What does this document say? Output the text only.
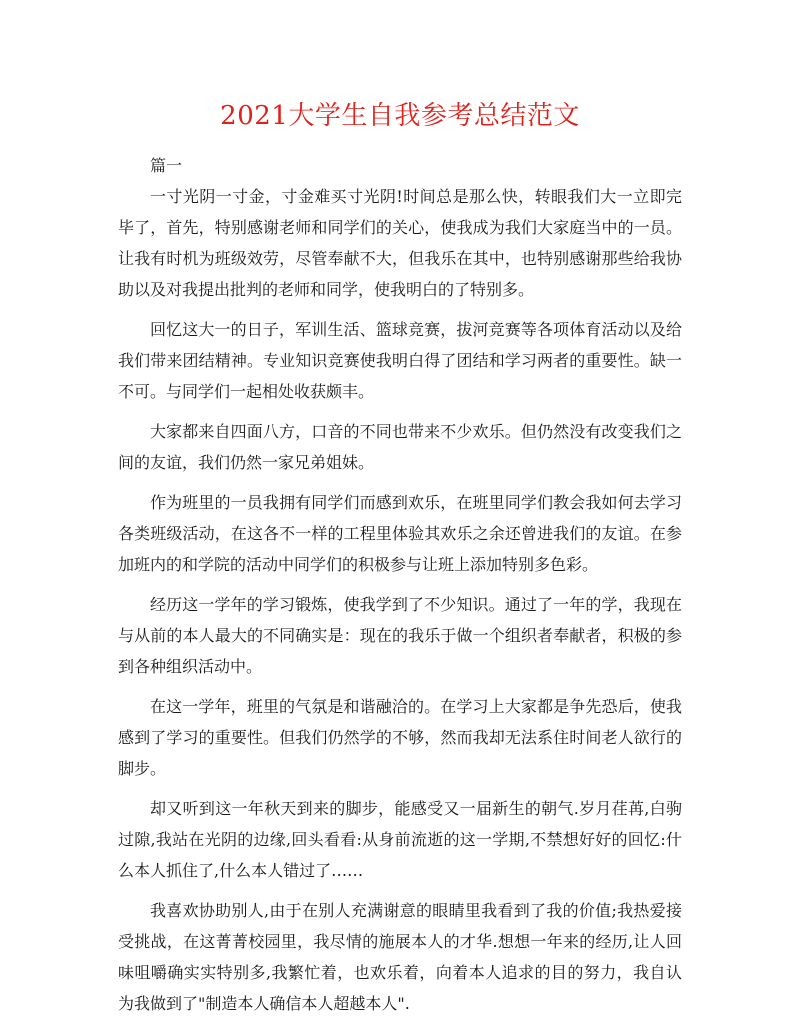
2021大学生自我参考总结范文

篇一

一寸光阴一寸金，寸金难买寸光阴!时间总是那么快，转眼我们大一立即完毕了，首先，特别感谢老师和同学们的关心，使我成为我们大家庭当中的一员。让我有时机为班级效劳，尽管奉献不大，但我乐在其中，也特别感谢那些给我协助以及对我提出批判的老师和同学，使我明白的了特别多。

回忆这大一的日子，军训生活、篮球竞赛，拔河竞赛等各项体育活动以及给我们带来团结精神。专业知识竞赛使我明白得了团结和学习两者的重要性。缺一不可。与同学们一起相处收获颇丰。

大家都来自四面八方，口音的不同也带来不少欢乐。但仍然没有改变我们之间的友谊，我们仍然一家兄弟姐妹。

作为班里的一员我拥有同学们而感到欢乐，在班里同学们教会我如何去学习各类班级活动，在这各不一样的工程里体验其欢乐之余还曾进我们的友谊。在参加班内的和学院的活动中同学们的积极参与让班上添加特别多色彩。

经历这一学年的学习锻炼，使我学到了不少知识。通过了一年的学，我现在与从前的本人最大的不同确实是：现在的我乐于做一个组织者奉献者，积极的参到各种组织活动中。

在这一学年，班里的气氛是和谐融洽的。在学习上大家都是争先恐后，使我感到了学习的重要性。但我们仍然学的不够，然而我却无法系住时间老人欲行的脚步。

却又听到这一年秋天到来的脚步，能感受又一届新生的朝气.岁月荏苒,白驹过隙,我站在光阴的边缘,回头看看:从身前流逝的这一学期,不禁想好好的回忆:什么本人抓住了,什么本人错过了……

我喜欢协助别人,由于在别人充满谢意的眼睛里我看到了我的价值;我热爱接受挑战，在这菁菁校园里，我尽情的施展本人的才华.想想一年来的经历,让人回味咀嚼确实实特别多,我繁忙着，也欢乐着，向着本人追求的目的努力，我自认为我做到了"制造本人确信本人超越本人".
